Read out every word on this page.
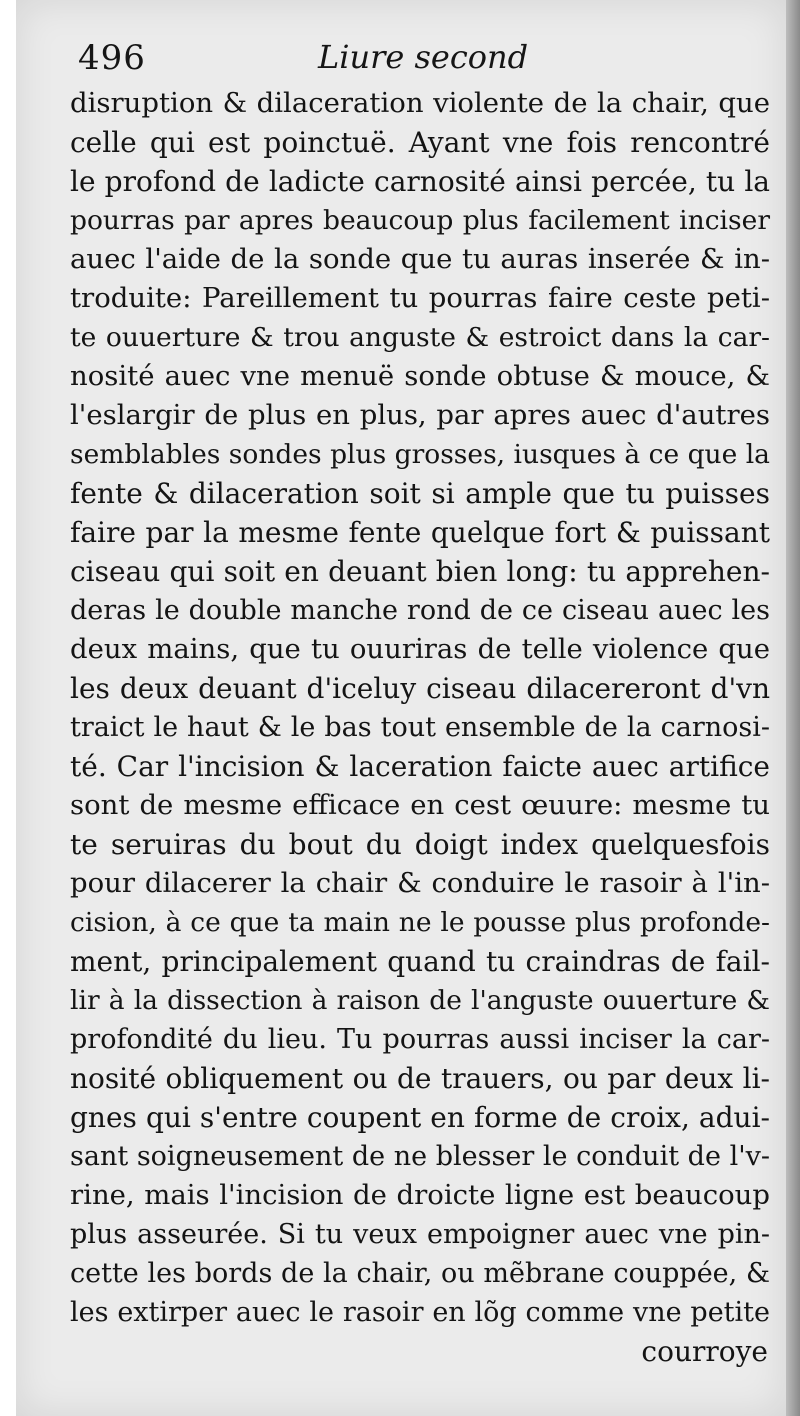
496	Liure second
disruption & dilaceration violente de la chair, que
celle qui est poinctuë. Ayant vne fois rencontré
le profond de ladicte carnosité ainsi percée, tu la
pourras par apres beaucoup plus facilement inciser
auec l'aide de la sonde que tu auras inserée & in-
troduite: Pareillement tu pourras faire ceste peti-
te ouuerture & trou anguste & estroict dans la car-
nosité auec vne menuë sonde obtuse & mouce, &
l'eslargir de plus en plus, par apres auec d'autres
semblables sondes plus grosses, iusques à ce que la
fente & dilaceration soit si ample que tu puisses
faire par la mesme fente quelque fort & puissant
ciseau qui soit en deuant bien long: tu apprehen-
deras le double manche rond de ce ciseau auec les
deux mains, que tu ouuriras de telle violence que
les deux deuant d'iceluy ciseau dilacereront d'vn
traict le haut & le bas tout ensemble de la carnosi-
té. Car l'incision & laceration faicte auec artifice
sont de mesme efficace en cest œuure: mesme tu
te seruiras du bout du doigt index quelquesfois
pour dilacerer la chair & conduire le rasoir à l'in-
cision, à ce que ta main ne le pousse plus profonde-
ment, principalement quand tu craindras de fail-
lir à la dissection à raison de l'anguste ouuerture &
profondité du lieu. Tu pourras aussi inciser la car-
nosité obliquement ou de trauers, ou par deux li-
gnes qui s'entre coupent en forme de croix, adui-
sant soigneusement de ne blesser le conduit de l'v-
rine, mais l'incision de droicte ligne est beaucoup
plus asseurée. Si tu veux empoigner auec vne pin-
cette les bords de la chair, ou mẽbrane couppée, &
les extirper auec le rasoir en lõg comme vne petite
courroye
